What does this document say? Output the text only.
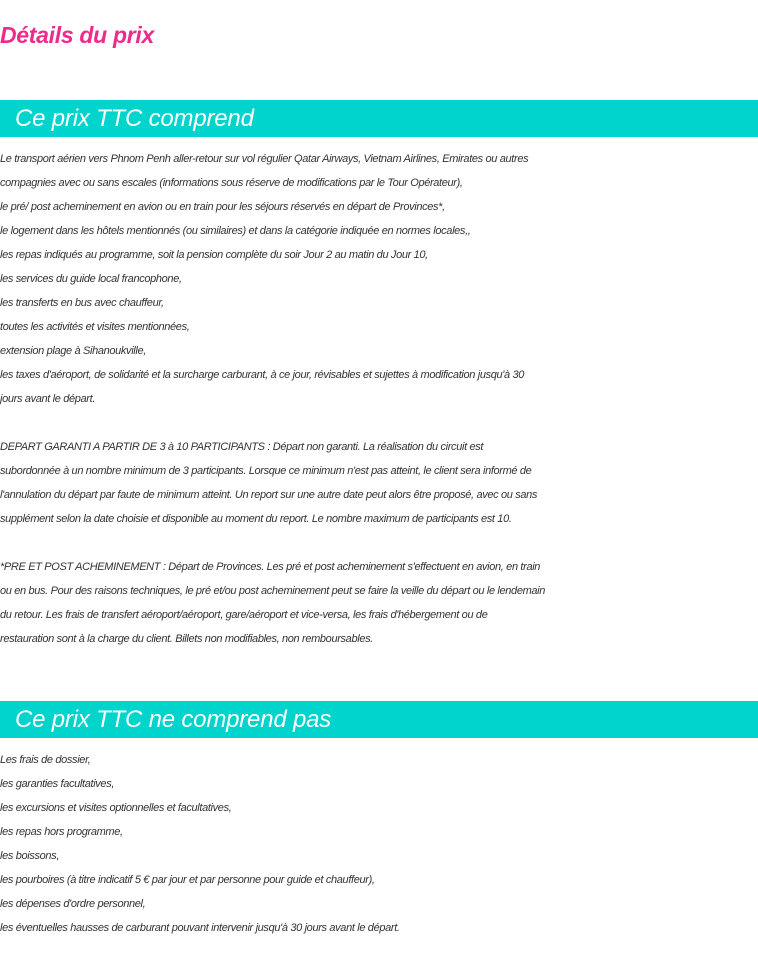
Détails du prix
Ce prix TTC comprend
Le transport aérien vers Phnom Penh aller-retour sur vol régulier Qatar Airways, Vietnam Airlines, Emirates ou autres
compagnies avec ou sans escales (informations sous réserve de modifications par le Tour Opérateur),
le pré/ post acheminement en avion ou en train pour les séjours réservés en départ de Provinces*,
le logement dans les hôtels mentionnés (ou similaires) et dans la catégorie indiquée en normes locales,,
les repas indiqués au programme, soit la pension complète du soir Jour 2 au matin du Jour 10,
les services du guide local francophone,
les transferts en bus avec chauffeur,
toutes les activités et visites mentionnées,
extension plage à Sihanoukville,
les taxes d'aéroport, de solidarité et la surcharge carburant, à ce jour, révisables et sujettes à modification jusqu'à 30
jours avant le départ.
DEPART GARANTI A PARTIR DE 3 à 10 PARTICIPANTS : Départ non garanti. La réalisation du circuit est
subordonnée à un nombre minimum de 3 participants. Lorsque ce minimum n'est pas atteint, le client sera informé de
l'annulation du départ par faute de minimum atteint. Un report sur une autre date peut alors être proposé, avec ou sans
supplément selon la date choisie et disponible au moment du report. Le nombre maximum de participants est 10.
*PRE ET POST ACHEMINEMENT : Départ de Provinces. Les pré et post acheminement s'effectuent en avion, en train
ou en bus. Pour des raisons techniques, le pré et/ou post acheminement peut se faire la veille du départ ou le lendemain
du retour. Les frais de transfert aéroport/aéroport, gare/aéroport et vice-versa, les frais d'hébergement ou de
restauration sont à la charge du client. Billets non modifiables, non remboursables.
Ce prix TTC ne comprend pas
Les frais de dossier,
les garanties facultatives,
les excursions et visites optionnelles et facultatives,
les repas hors programme,
les boissons,
les pourboires (à titre indicatif 5 € par jour et par personne pour guide et chauffeur),
les dépenses d'ordre personnel,
les éventuelles hausses de carburant pouvant intervenir jusqu'à 30 jours avant le départ.
